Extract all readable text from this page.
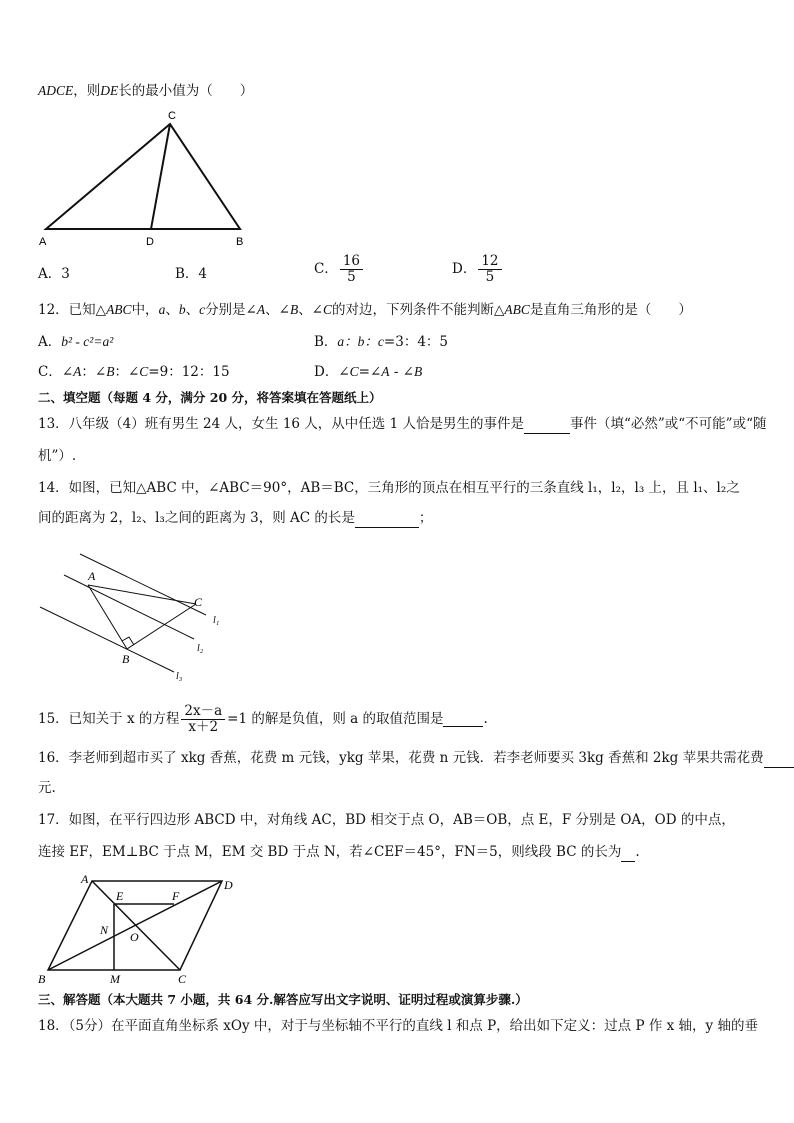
ADCE，则DE长的最小值为（　　）
C
A	D	B
A．3	B．4	C． $\frac{16}{5}$	D． $\frac{12}{5}$
12．已知△ABC中，a、b、c分别是∠A、∠B、∠C的对边，下列条件不能判断△ABC是直角三角形的是（　　）
A．b² - c²=a²	B．a：b：c=3：4：5
C．∠A：∠B：∠C=9：12：15	D．∠C=∠A - ∠B
二、填空题（每题 4 分，满分 20 分，将答案填在答题纸上）
13．八年级（4）班有男生 24 人，女生 16 人，从中任选 1 人恰是男生的事件是	事件（填“必然”或“不可能”或“随
机”）.
14．如图，已知△ABC 中，∠ABC＝90°，AB＝BC，三角形的顶点在相互平行的三条直线 l₁，l₂，l₃ 上，且 l₁、l₂之
间的距离为 2，l₂、l₃之间的距离为 3，则 AC 的长是	；
A
B
C
l₁
l₂
l₃
15．已知关于 x 的方程 $\frac{2x-a}{x+2} =1$ 的解是负值，则 a 的取值范围是	.
16．李老师到超市买了 xkg 香蕉，花费 m 元钱，ykg 苹果，花费 n 元钱．若李老师要买 3kg 香蕉和 2kg 苹果共需花费
元.
17．如图，在平行四边形 ABCD 中，对角线 AC，BD 相交于点 O，AB＝OB，点 E，F 分别是 OA，OD 的中点，
连接 EF，EM⊥BC 于点 M，EM 交 BD 于点 N，若∠CEF＝45°，FN＝5，则线段 BC 的长为 .
A	D
B	C
E	F
N O
M
三、解答题（本大题共 7 小题，共 64 分.解答应写出文字说明、证明过程或演算步骤.）
18．（5分）在平面直角坐标系 xOy 中，对于与坐标轴不平行的直线 l 和点 P，给出如下定义：过点 P 作 x 轴，y 轴的垂
